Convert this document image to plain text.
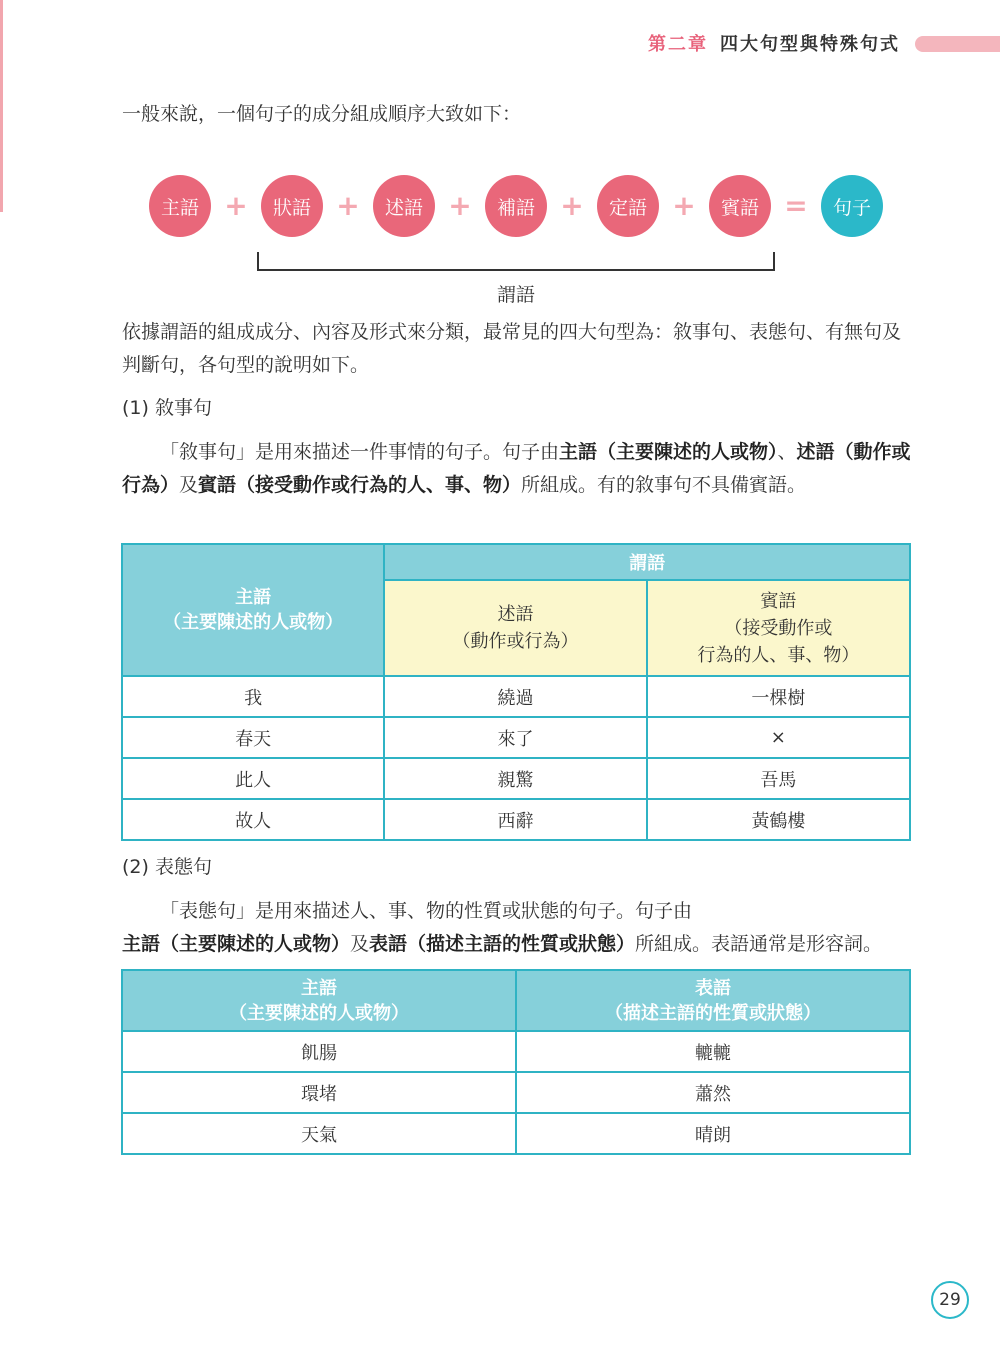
第二章 四大句型與特殊句式

一般來說，一個句子的成分組成順序大致如下：

主語 +	狀語 +	述語 +	補語 +	定語 +	賓語 =	句子
謂語

依據謂語的組成成分、內容及形式來分類，最常見的四大句型為：敘事句、表態句、有無句及判斷句，各句型的說明如下。

(1) 敘事句

「敘事句」是用來描述一件事情的句子。句子由主語（主要陳述的人或物）、述語（動作或行為）及賓語（接受動作或行為的人、事、物）所組成。有的敘事句不具備賓語。

主語
（主要陳述的人或物）	謂語	
	述語
（動作或行為）	賓語
（接受動作或
行為的人、事、物）
我	繞過	一棵樹
春天	來了	×
此人	親驚	吾馬
故人	西辭	黃鶴樓

(2) 表態句

「表態句」是用來描述人、事、物的性質或狀態的句子。句子由主語（主要陳述的人或物）及表語（描述主語的性質或狀態）所組成。表語通常是形容詞。

主語
（主要陳述的人或物）	表語
（描述主語的性質或狀態）
飢腸	轆轆
環堵	蕭然
天氣	晴朗
29
